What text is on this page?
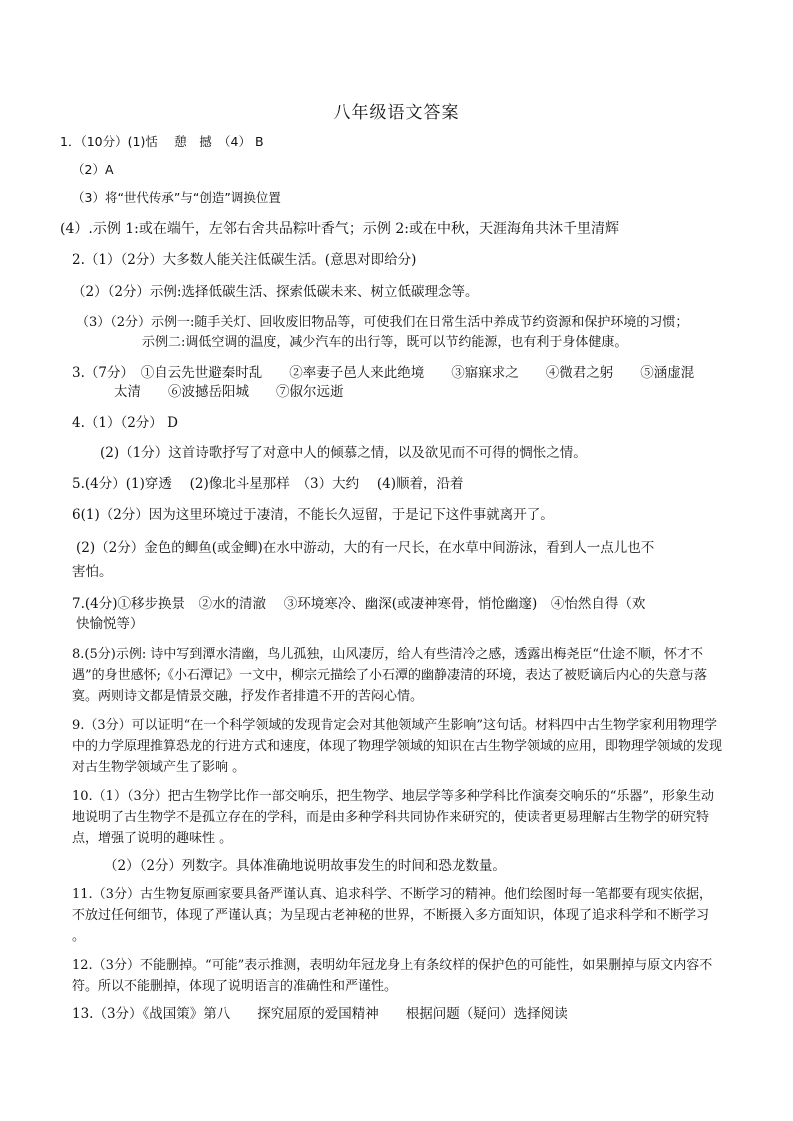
八年级语文答案
1．（10分）(1)恬　 憩　撼　（4） B
（2）A
（3）将“世代传承”与“创造”调换位置
(4）.示例 1:或在端午，左邻右舍共品粽叶香气；示例 2:或在中秋，天涯海角共沐千里清辉
2.（1）（2分）大多数人能关注低碳生活。(意思对即给分)
（2）（2分）示例:选择低碳生活、探索低碳未来、树立低碳理念等。
（3）（2分）示例一:随手关灯、回收废旧物品等，可使我们在日常生活中养成节约资源和保护环境的习惯；
示例二:调低空调的温度，减少汽车的出行等，既可以节约能源，也有利于身体健康。
3.（7分）　①自云先世避秦时乱　　②率妻子邑人来此绝境　　③寤寐求之　　④微君之躬　　⑤涵虚混
太清　　⑥波撼岳阳城　　⑦俶尔远逝
4.（1）（2分） D
(2)（1分）这首诗歌抒写了对意中人的倾慕之情，以及欲见而不可得的惆怅之情。
5.(4分）(1)穿透　 (2)像北斗星那样　（3）大约　 (4)顺着，沿着
6(1)（2分）因为这里环境过于凄清，不能长久逗留，于是记下这件事就离开了。
(2)（2分）金色的鲫鱼(或金鲫)在水中游动，大的有一尺长，在水草中间游泳，看到人一点儿也不
害怕。
7.(4分)①移步换景　②水的清澈　 ③环境寒冷、幽深(或凄神寒骨，悄怆幽邃)　④怡然自得（欢
快愉悦等）
8.(5分)示例: 诗中写到潭水清幽，鸟儿孤独，山风凄厉，给人有些清冷之感，透露出梅尧臣“仕途不顺，怀才不遇”的身世感怀;《小石潭记》一文中，柳宗元描绘了小石潭的幽静凄清的环境，表达了被贬谪后内心的失意与落寞。两则诗文都是情景交融，抒发作者排遣不开的苦闷心情。
9.（3分）可以证明“在一个科学领域的发现肯定会对其他领域产生影响”这句话。材料四中古生物学家利用物理学中的力学原理推算恐龙的行进方式和速度，体现了物理学领域的知识在古生物学领域的应用，即物理学领域的发现对古生物学领域产生了影响 。
10.（1）（3分）把古生物学比作一部交响乐，把生物学、地层学等多种学科比作演奏交响乐的“乐器”，形象生动地说明了古生物学不是孤立存在的学科，而是由多种学科共同协作来研究的，使读者更易理解古生物学的研究特点，增强了说明的趣味性 。
（2）（2分）列数字。具体准确地说明故事发生的时间和恐龙数量。
11.（3分）古生物复原画家要具备严谨认真、追求科学、不断学习的精神。他们绘图时每一笔都要有现实依据，不放过任何细节，体现了严谨认真；为呈现古老神秘的世界，不断摄入多方面知识，体现了追求科学和不断学习 。
12.（3分）不能删掉。“可能”表示推测，表明幼年冠龙身上有条纹样的保护色的可能性，如果删掉与原文内容不符。所以不能删掉，体现了说明语言的准确性和严谨性。
13.（3分）《战国策》第八　　探究屈原的爱国精神　　根据问题（疑问）选择阅读
